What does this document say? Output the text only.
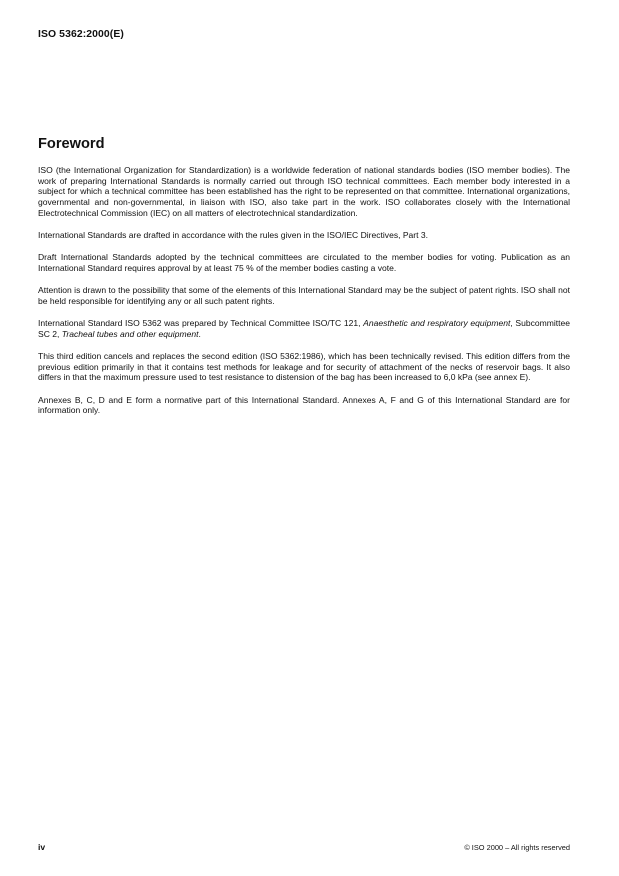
ISO 5362:2000(E)
Foreword

ISO (the International Organization for Standardization) is a worldwide federation of national standards bodies (ISO member bodies). The work of preparing International Standards is normally carried out through ISO technical committees. Each member body interested in a subject for which a technical committee has been established has the right to be represented on that committee. International organizations, governmental and non-governmental, in liaison with ISO, also take part in the work. ISO collaborates closely with the International Electrotechnical Commission (IEC) on all matters of electrotechnical standardization.

International Standards are drafted in accordance with the rules given in the ISO/IEC Directives, Part 3.

Draft International Standards adopted by the technical committees are circulated to the member bodies for voting. Publication as an International Standard requires approval by at least 75 % of the member bodies casting a vote.

Attention is drawn to the possibility that some of the elements of this International Standard may be the subject of patent rights. ISO shall not be held responsible for identifying any or all such patent rights.

International Standard ISO 5362 was prepared by Technical Committee ISO/TC 121, Anaesthetic and respiratory equipment, Subcommittee SC 2, Tracheal tubes and other equipment.

This third edition cancels and replaces the second edition (ISO 5362:1986), which has been technically revised. This edition differs from the previous edition primarily in that it contains test methods for leakage and for security of attachment of the necks of reservoir bags. It also differs in that the maximum pressure used to test resistance to distension of the bag has been increased to 6,0 kPa (see annex E).

Annexes B, C, D and E form a normative part of this International Standard. Annexes A, F and G of this International Standard are for information only.

iv	© ISO 2000 – All rights reserved
